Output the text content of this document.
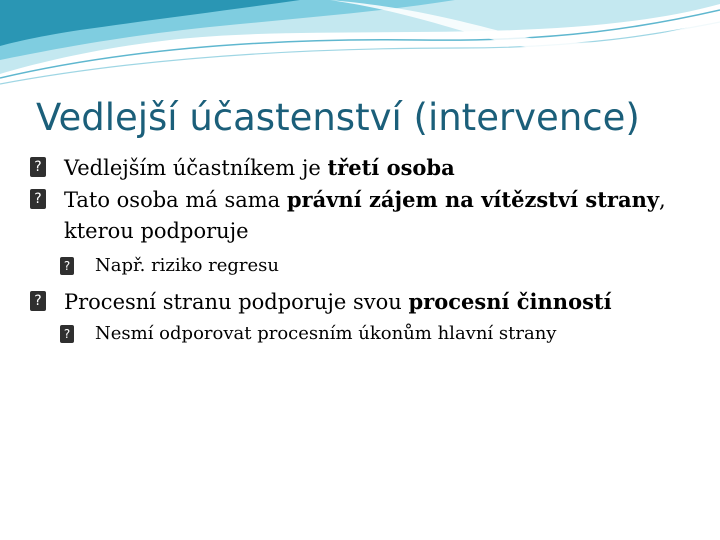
Vedlejší účastenství (intervence)

? Vedlejším účastníkem je třetí osoba

? Tato osoba má sama právní zájem na vítězství strany, kterou podporuje

? Např. riziko regresu

? Procesní stranu podporuje svou procesní činností

? Nesmí odporovat procesním úkonům hlavní strany
